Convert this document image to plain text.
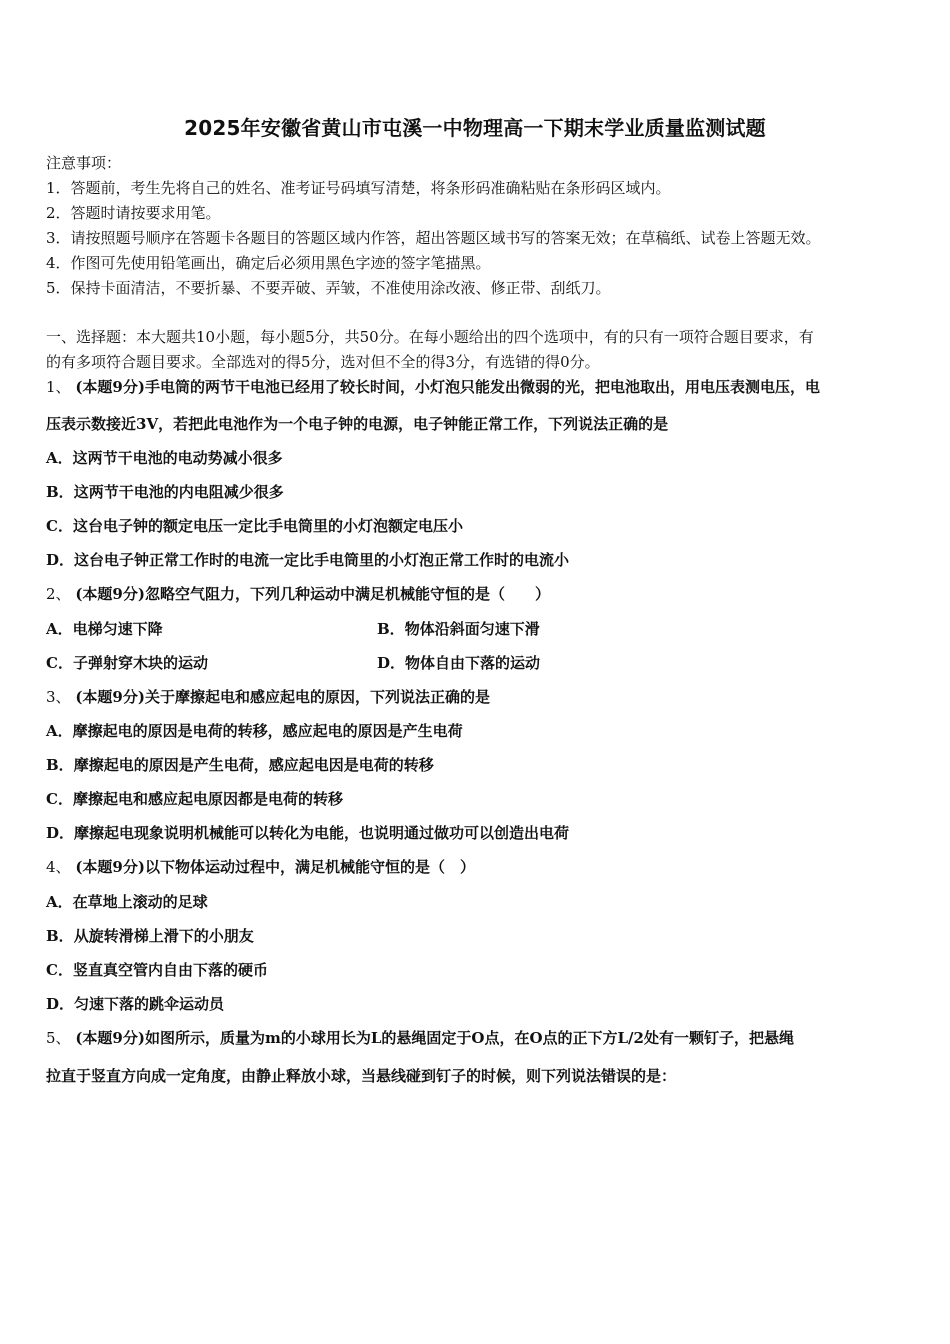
2025年安徽省黄山市屯溪一中物理高一下期末学业质量监测试题
注意事项：
1．答题前，考生先将自己的姓名、准考证号码填写清楚，将条形码准确粘贴在条形码区域内。
2．答题时请按要求用笔。
3．请按照题号顺序在答题卡各题目的答题区域内作答，超出答题区域书写的答案无效；在草稿纸、试卷上答题无效。
4．作图可先使用铅笔画出，确定后必须用黑色字迹的签字笔描黑。
5．保持卡面清洁，不要折暴、不要弄破、弄皱，不准使用涂改液、修正带、刮纸刀。
一、选择题：本大题共10小题，每小题5分，共50分。在每小题给出的四个选项中，有的只有一项符合题目要求，有
的有多项符合题目要求。全部选对的得5分，选对但不全的得3分，有选错的得0分。
1、 (本题9分)手电筒的两节干电池已经用了较长时间，小灯泡只能发出微弱的光，把电池取出，用电压表测电压，电
压表示数接近3V，若把此电池作为一个电子钟的电源，电子钟能正常工作，下列说法正确的是
A．这两节干电池的电动势减小很多
B．这两节干电池的内电阻减少很多
C．这台电子钟的额定电压一定比手电筒里的小灯泡额定电压小
D．这台电子钟正常工作时的电流一定比手电筒里的小灯泡正常工作时的电流小
2、 (本题9分)忽略空气阻力，下列几种运动中满足机械能守恒的是（　　）
A．电梯匀速下降	B．物体沿斜面匀速下滑
C．子弹射穿木块的运动	D．物体自由下落的运动
3、 (本题9分)关于摩擦起电和感应起电的原因，下列说法正确的是
A．摩擦起电的原因是电荷的转移，感应起电的原因是产生电荷
B．摩擦起电的原因是产生电荷，感应起电因是电荷的转移
C．摩擦起电和感应起电原因都是电荷的转移
D．摩擦起电现象说明机械能可以转化为电能，也说明通过做功可以创造出电荷
4、 (本题9分)以下物体运动过程中，满足机械能守恒的是（　）
A．在草地上滚动的足球
B．从旋转滑梯上滑下的小朋友
C．竖直真空管内自由下落的硬币
D．匀速下落的跳伞运动员
5、 (本题9分)如图所示，质量为m的小球用长为L的悬绳固定于O点，在O点的正下方L/2处有一颗钉子，把悬绳
拉直于竖直方向成一定角度，由静止释放小球，当悬线碰到钉子的时候，则下列说法错误的是：
